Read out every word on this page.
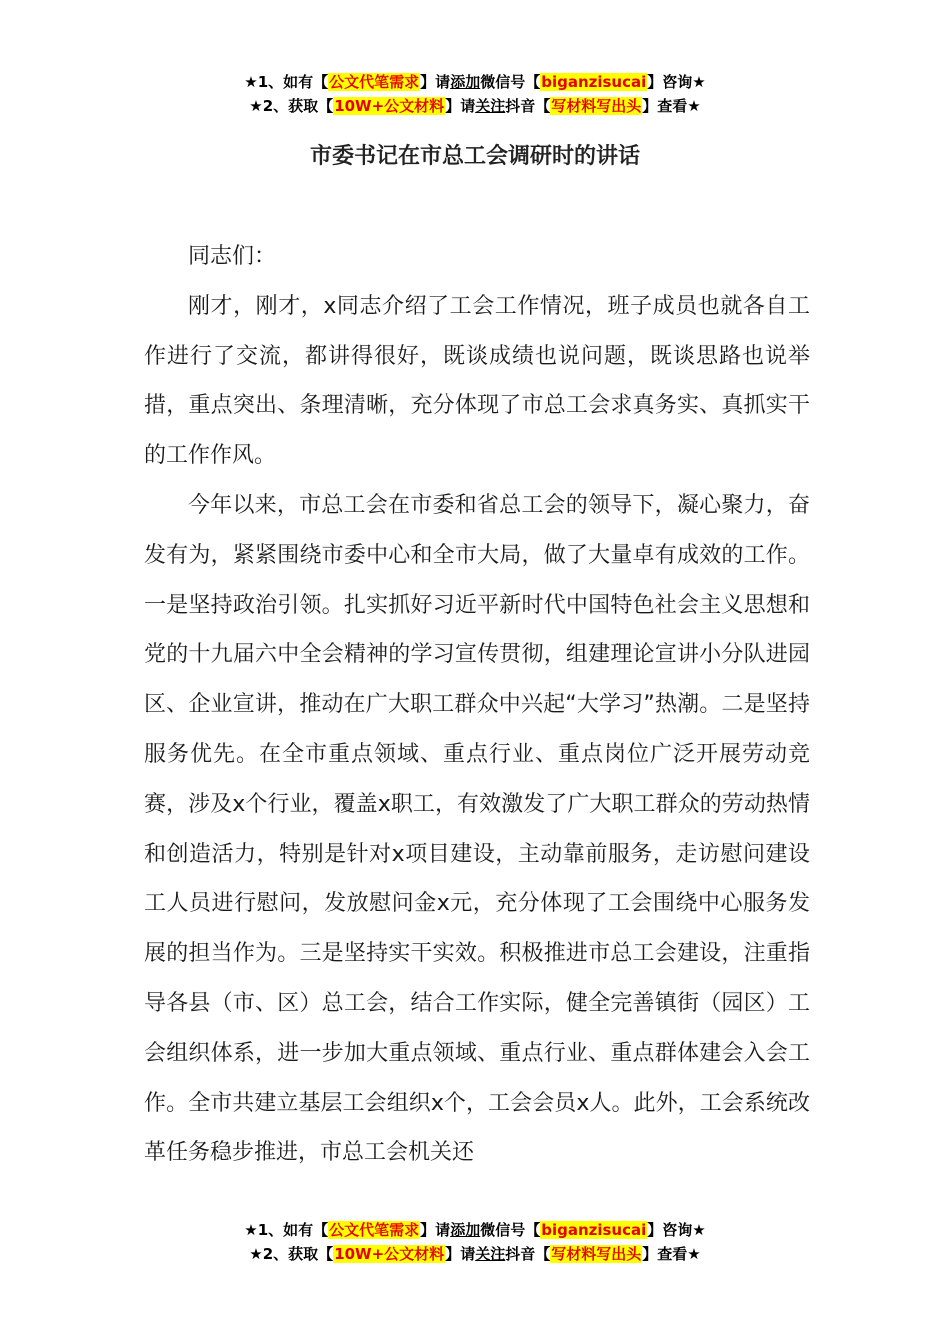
★1、如有【公文代笔需求】请添加微信号【biganzisucai】咨询★
★2、获取【10W+公文材料】请关注抖音【写材料写出头】查看★
市委书记在市总工会调研时的讲话

同志们：

刚才，刚才，x同志介绍了工会工作情况，班子成员也就各自工作进行了交流，都讲得很好，既谈成绩也说问题，既谈思路也说举措，重点突出、条理清晰，充分体现了市总工会求真务实、真抓实干的工作作风。

今年以来，市总工会在市委和省总工会的领导下，凝心聚力，奋发有为，紧紧围绕市委中心和全市大局，做了大量卓有成效的工作。一是坚持政治引领。扎实抓好习近平新时代中国特色社会主义思想和党的十九届六中全会精神的学习宣传贯彻，组建理论宣讲小分队进园区、企业宣讲，推动在广大职工群众中兴起“大学习”热潮。二是坚持服务优先。在全市重点领域、重点行业、重点岗位广泛开展劳动竞赛，涉及x个行业，覆盖x职工，有效激发了广大职工群众的劳动热情和创造活力，特别是针对x项目建设，主动靠前服务，走访慰问建设工人员进行慰问，发放慰问金x元，充分体现了工会围绕中心服务发展的担当作为。三是坚持实干实效。积极推进市总工会建设，注重指导各县（市、区）总工会，结合工作实际，健全完善镇街（园区）工会组织体系，进一步加大重点领域、重点行业、重点群体建会入会工作。全市共建立基层工会组织x个，工会会员x人。此外，工会系统改革任务稳步推进，市总工会机关还

★1、如有【公文代笔需求】请添加微信号【biganzisucai】咨询★
★2、获取【10W+公文材料】请关注抖音【写材料写出头】查看★
